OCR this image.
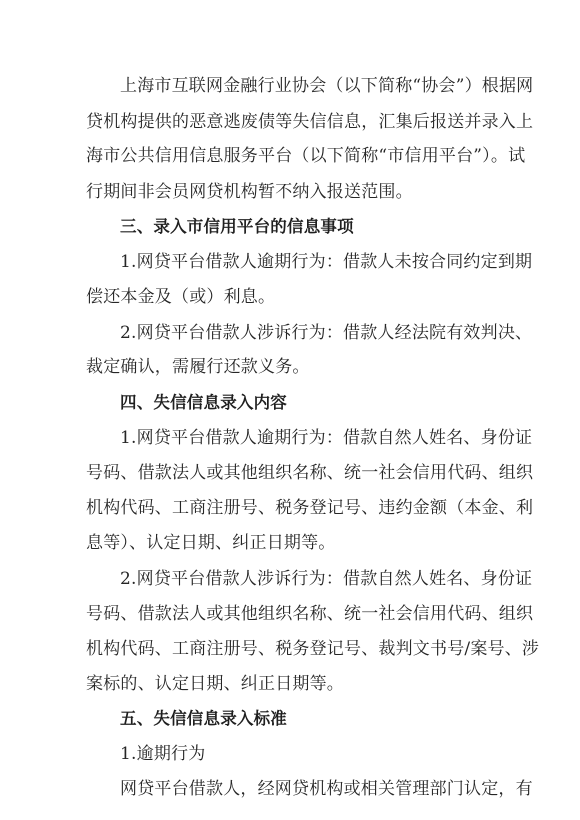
上海市互联网金融行业协会（以下简称“协会”）根据网
贷机构提供的恶意逃废债等失信信息，汇集后报送并录入上
海市公共信用信息服务平台（以下简称“市信用平台”）。试
行期间非会员网贷机构暂不纳入报送范围。
三、录入市信用平台的信息事项
1.网贷平台借款人逾期行为：借款人未按合同约定到期
偿还本金及（或）利息。
2.网贷平台借款人涉诉行为：借款人经法院有效判决、
裁定确认，需履行还款义务。
四、失信信息录入内容
1.网贷平台借款人逾期行为：借款自然人姓名、身份证
号码、借款法人或其他组织名称、统一社会信用代码、组织
机构代码、工商注册号、税务登记号、违约金额（本金、利
息等）、认定日期、纠正日期等。
2.网贷平台借款人涉诉行为：借款自然人姓名、身份证
号码、借款法人或其他组织名称、统一社会信用代码、组织
机构代码、工商注册号、税务登记号、裁判文书号/案号、涉
案标的、认定日期、纠正日期等。
五、失信信息录入标准
1.逾期行为
网贷平台借款人，经网贷机构或相关管理部门认定，有
